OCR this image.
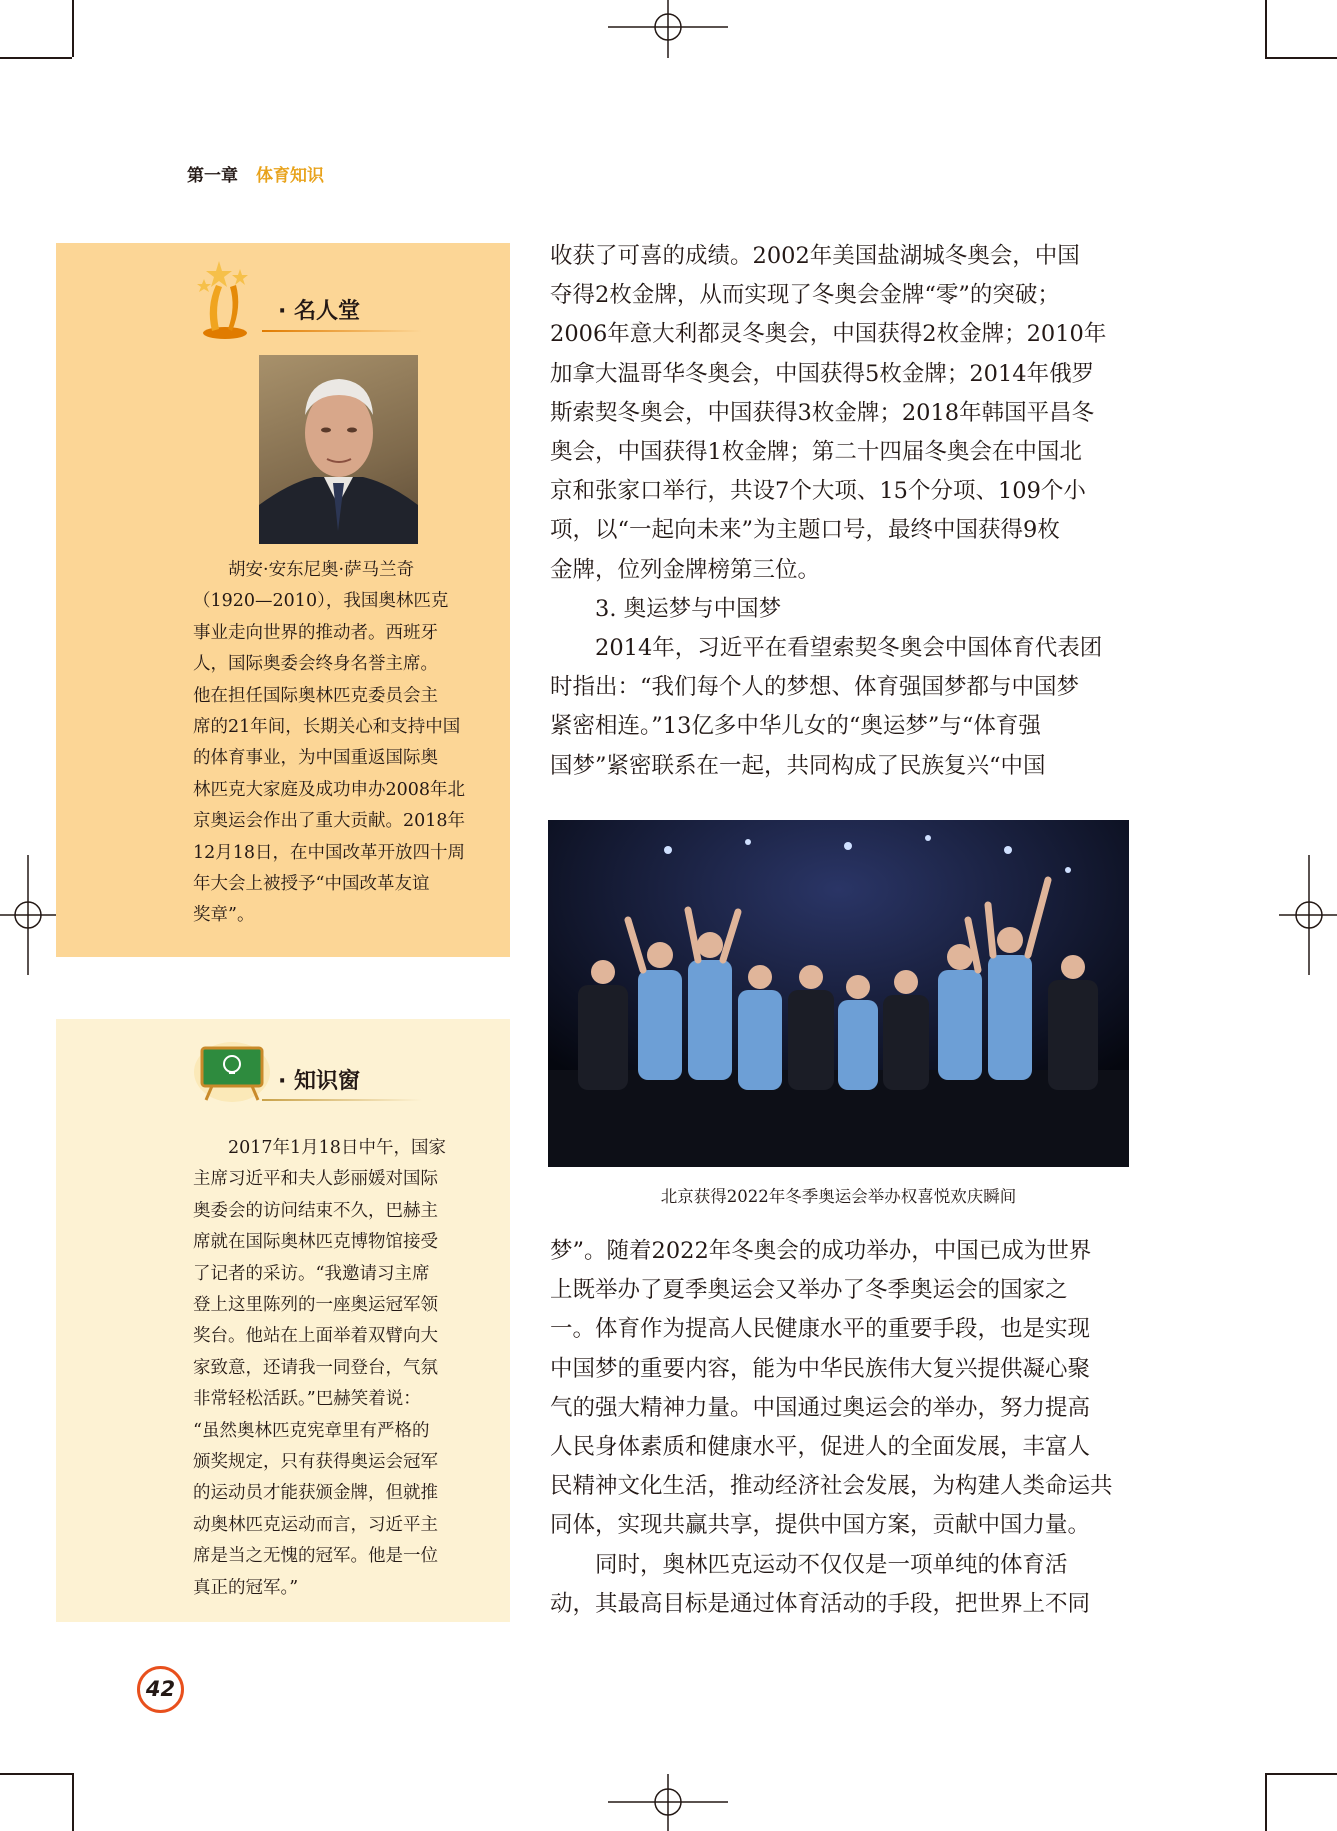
第一章 体育知识
· 名人堂

胡安·安东尼奥·萨马兰奇

（1920—2010），我国奥林匹克

事业走向世界的推动者。西班牙

人，国际奥委会终身名誉主席。

他在担任国际奥林匹克委员会主

席的21年间，长期关心和支持中国

的体育事业，为中国重返国际奥

林匹克大家庭及成功申办2008年北

京奥运会作出了重大贡献。2018年

12月18日，在中国改革开放四十周

年大会上被授予“中国改革友谊

奖章”。

· 知识窗

2017年1月18日中午，国家

主席习近平和夫人彭丽媛对国际

奥委会的访问结束不久，巴赫主

席就在国际奥林匹克博物馆接受

了记者的采访。“我邀请习主席

登上这里陈列的一座奥运冠军领

奖台。他站在上面举着双臂向大

家致意，还请我一同登台，气氛

非常轻松活跃。”巴赫笑着说：

“虽然奥林匹克宪章里有严格的

颁奖规定，只有获得奥运会冠军

的运动员才能获颁金牌，但就推

动奥林匹克运动而言，习近平主

席是当之无愧的冠军。他是一位

真正的冠军。”

收获了可喜的成绩。2002年美国盐湖城冬奥会，中国

夺得2枚金牌，从而实现了冬奥会金牌“零”的突破；

2006年意大利都灵冬奥会，中国获得2枚金牌；2010年

加拿大温哥华冬奥会，中国获得5枚金牌；2014年俄罗

斯索契冬奥会，中国获得3枚金牌；2018年韩国平昌冬

奥会，中国获得1枚金牌；第二十四届冬奥会在中国北

京和张家口举行，共设7个大项、15个分项、109个小

项，以“一起向未来”为主题口号，最终中国获得9枚

金牌，位列金牌榜第三位。

3. 奥运梦与中国梦

2014年，习近平在看望索契冬奥会中国体育代表团

时指出：“我们每个人的梦想、体育强国梦都与中国梦

紧密相连。”13亿多中华儿女的“奥运梦”与“体育强

国梦”紧密联系在一起，共同构成了民族复兴“中国

北京获得2022年冬季奥运会举办权喜悦欢庆瞬间

梦”。随着2022年冬奥会的成功举办，中国已成为世界

上既举办了夏季奥运会又举办了冬季奥运会的国家之

一。体育作为提高人民健康水平的重要手段，也是实现

中国梦的重要内容，能为中华民族伟大复兴提供凝心聚

气的强大精神力量。中国通过奥运会的举办，努力提高

人民身体素质和健康水平，促进人的全面发展，丰富人

民精神文化生活，推动经济社会发展，为构建人类命运共

同体，实现共赢共享，提供中国方案，贡献中国力量。

同时，奥林匹克运动不仅仅是一项单纯的体育活

动，其最高目标是通过体育活动的手段，把世界上不同

42
